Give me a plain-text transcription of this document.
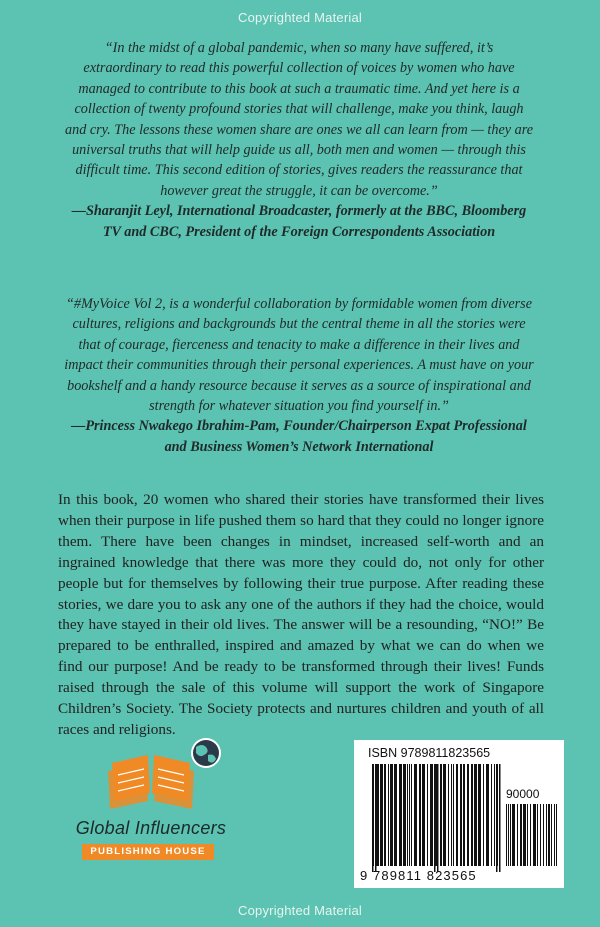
Copyrighted Material
“In the midst of a global pandemic, when so many have suffered, it’s extraordinary to read this powerful collection of voices by women who have managed to contribute to this book at such a traumatic time. And yet here is a collection of twenty profound stories that will challenge, make you think, laugh and cry. The lessons these women share are ones we all can learn from — they are universal truths that will help guide us all, both men and women — through this difficult time. This second edition of stories, gives readers the reassurance that however great the struggle, it can be overcome.”
—Sharanjit Leyl, International Broadcaster, formerly at the BBC, Bloomberg TV and CBC, President of the Foreign Correspondents Association
“#MyVoice Vol 2, is a wonderful collaboration by formidable women from diverse cultures, religions and backgrounds but the central theme in all the stories were that of courage, fierceness and tenacity to make a difference in their lives and impact their communities through their personal experiences. A must have on your bookshelf and a handy resource because it serves as a source of inspirational and strength for whatever situation you find yourself in.”
—Princess Nwakego Ibrahim-Pam, Founder/Chairperson Expat Professional and Business Women’s Network International
In this book, 20 women who shared their stories have transformed their lives when their purpose in life pushed them so hard that they could no longer ignore them. There have been changes in mindset, increased self-worth and an ingrained knowledge that there was more they could do, not only for other people but for themselves by following their true purpose. After reading these stories, we dare you to ask any one of the authors if they had the choice, would they have stayed in their old lives. The answer will be a resounding, “NO!” Be prepared to be enthralled, inspired and amazed by what we can do when we find our purpose! And be ready to be transformed through their lives! Funds raised through the sale of this volume will support the work of Singapore Children’s Society. The Society protects and nurtures children and youth of all races and religions.
Global Influencers
PUBLISHING HOUSE
ISBN 9789811823565
90000
9 789811 823565
Copyrighted Material
